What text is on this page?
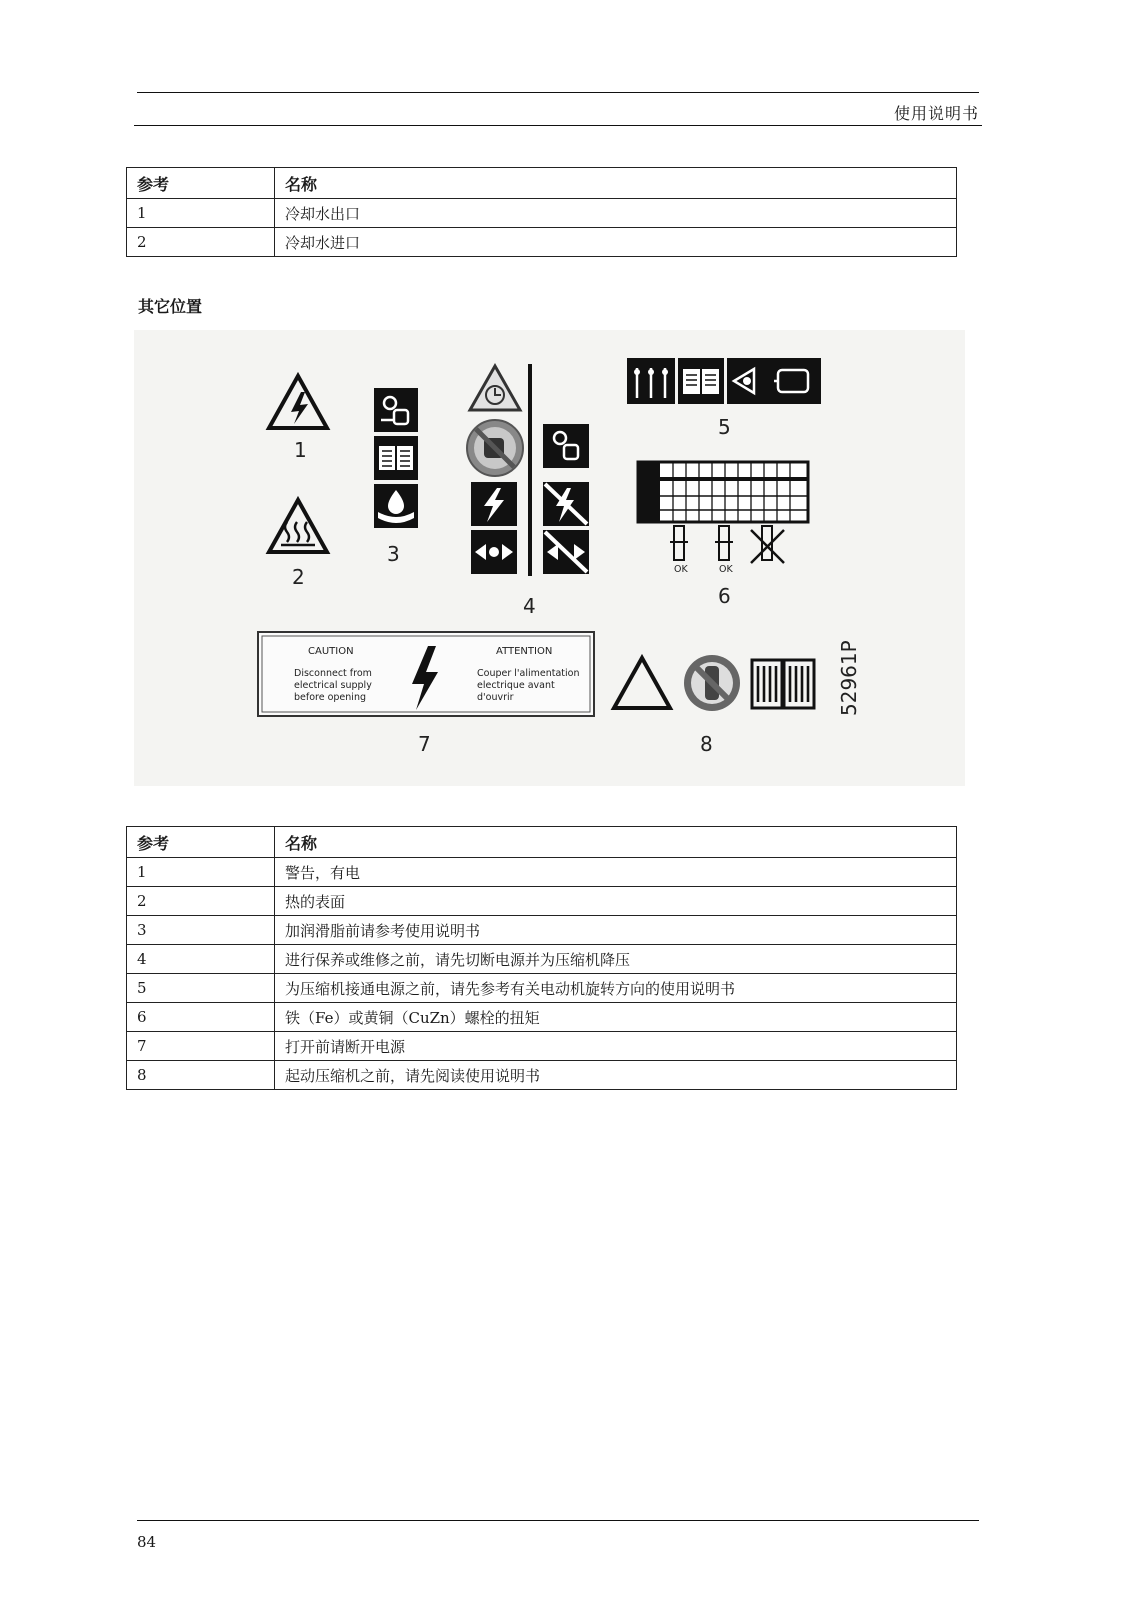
使用说明书
参考	名称
1	冷却水出口
2	冷却水进口
其它位置
1
2
3
4
5
OK	OK
6
CAUTION
Disconnect from
electrical supply
before opening
ATTENTION
Couper l'alimentation
electrique avant
d'ouvrir
7	8
52961P
参考	名称
1	警告，有电
2	热的表面
3	加润滑脂前请参考使用说明书
4	进行保养或维修之前，请先切断电源并为压缩机降压
5	为压缩机接通电源之前，请先参考有关电动机旋转方向的使用说明书
6	铁（Fe）或黄铜（CuZn）螺栓的扭矩
7	打开前请断开电源
8	起动压缩机之前，请先阅读使用说明书
84
